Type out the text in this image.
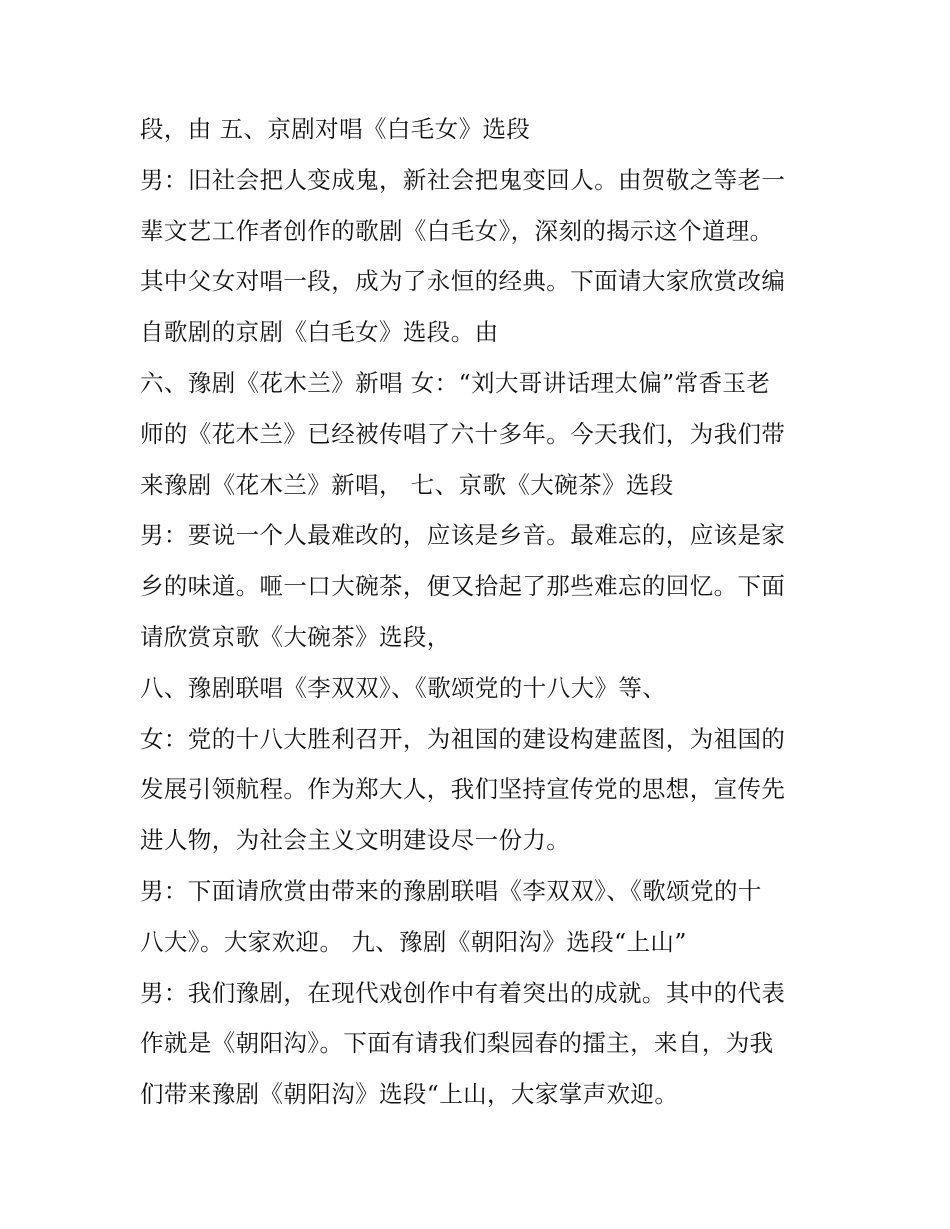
段，由 五、京剧对唱《白毛女》选段
男：旧社会把人变成鬼，新社会把鬼变回人。由贺敬之等老一
辈文艺工作者创作的歌剧《白毛女》，深刻的揭示这个道理。
其中父女对唱一段，成为了永恒的经典。下面请大家欣赏改编
自歌剧的京剧《白毛女》选段。由
六、豫剧《花木兰》新唱 女：“刘大哥讲话理太偏”常香玉老
师的《花木兰》已经被传唱了六十多年。今天我们，为我们带
来豫剧《花木兰》新唱， 七、京歌《大碗茶》选段
男：要说一个人最难改的，应该是乡音。最难忘的，应该是家
乡的味道。咂一口大碗茶，便又拾起了那些难忘的回忆。下面
请欣赏京歌《大碗茶》选段，
八、豫剧联唱《李双双》、《歌颂党的十八大》等、
女：党的十八大胜利召开，为祖国的建设构建蓝图，为祖国的
发展引领航程。作为郑大人，我们坚持宣传党的思想，宣传先
进人物，为社会主义文明建设尽一份力。
男：下面请欣赏由带来的豫剧联唱《李双双》、《歌颂党的十
八大》。大家欢迎。 九、豫剧《朝阳沟》选段“上山”
男：我们豫剧，在现代戏创作中有着突出的成就。其中的代表
作就是《朝阳沟》。下面有请我们梨园春的擂主，来自，为我
们带来豫剧《朝阳沟》选段“上山，大家掌声欢迎。
